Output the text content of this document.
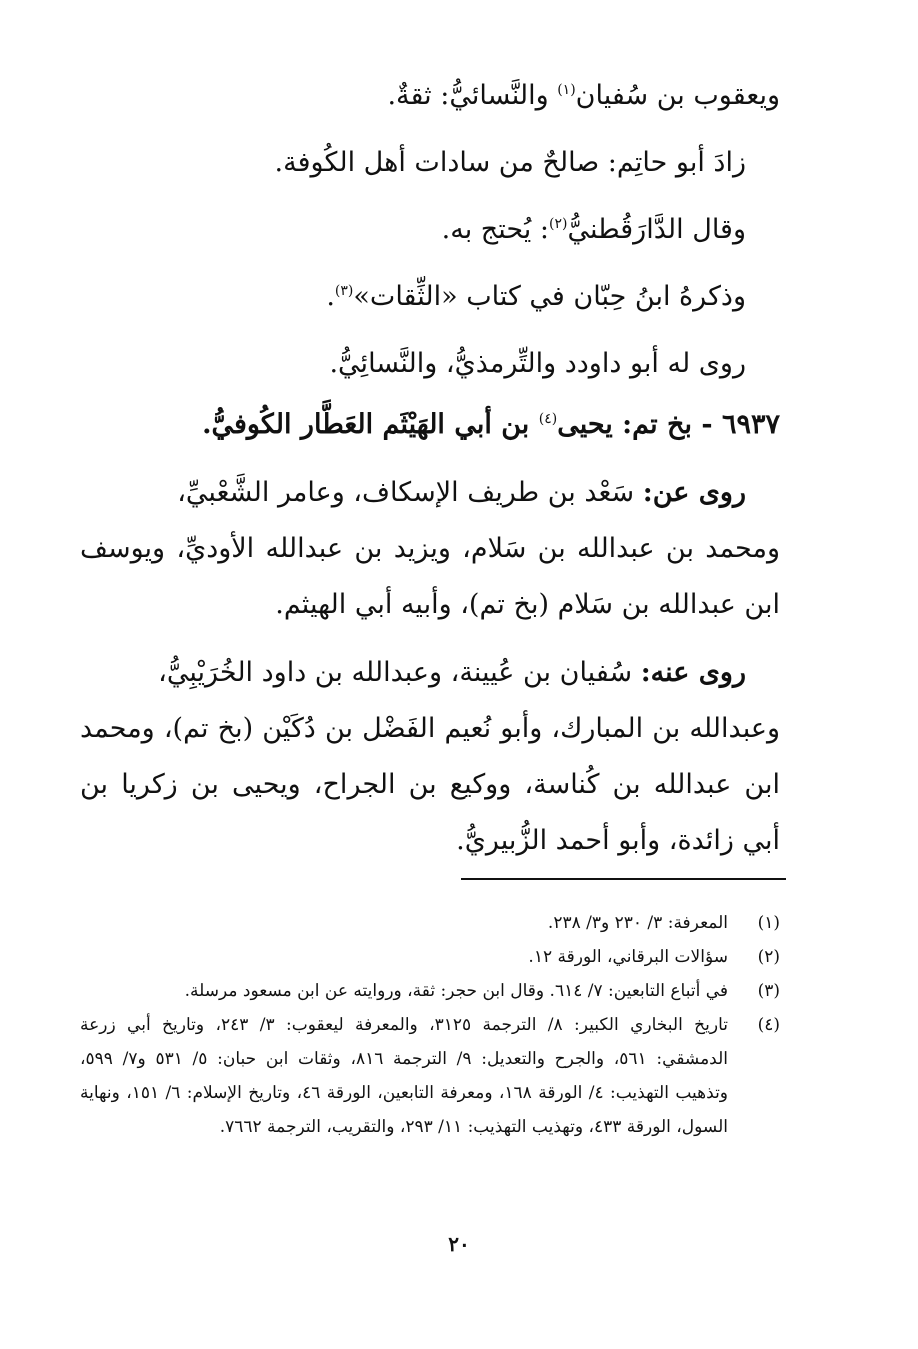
ويعقوب بن سُفيان$^{(١)}$ والنَّسائيُّ: ثقةٌ.
زادَ أبو حاتِم: صالحٌ من سادات أهل الكُوفة.
وقال الدَّارَقُطنيُّ$^{(٢)}$: يُحتج به.
وذكرهُ ابنُ حِبّان في كتاب «الثِّقات»$^{(٣)}$.
روى له أبو داودد والتِّرمذيُّ، والنَّسائِيُّ.
٦٩٣٧ - بخ تم: يحيى$^{(٤)}$ بن أبي الهَيْثَم العَطَّار الكُوفيُّ.
روى عن: سَعْد بن طريف الإسكاف، وعامر الشَّعْبيِّ،
ومحمد بن عبدالله بن سَلام، ويزيد بن عبدالله الأوديِّ، ويوسف
ابن عبدالله بن سَلام (بخ تم)، وأبيه أبي الهيثم.
روى عنه: سُفيان بن عُيينة، وعبدالله بن داود الخُرَيْبِيُّ،
وعبدالله بن المبارك، وأبو نُعيم الفَضْل بن دُكَيْن (بخ تم)، ومحمد
ابن عبدالله بن كُناسة، ووكيع بن الجراح، ويحيى بن زكريا بن
أبي زائدة، وأبو أحمد الزُّبيريُّ.
(١)
المعرفة: ٣/ ٢٣٠ و٣/ ٢٣٨.
(٢)
سؤالات البرقاني، الورقة ١٢.
(٣)
في أتباع التابعين: ٧/ ٦١٤. وقال ابن حجر: ثقة، وروايته عن ابن مسعود مرسلة.
(٤)
تاريخ البخاري الكبير: ٨/ الترجمة ٣١٢٥، والمعرفة ليعقوب: ٣/ ٢٤٣، وتاريخ أبي زرعة الدمشقي: ٥٦١، والجرح والتعديل: ٩/ الترجمة ٨١٦، وثقات ابن حبان: ٥/ ٥٣١ و٧/ ٥٩٩، وتذهيب التهذيب: ٤/ الورقة ١٦٨، ومعرفة التابعين، الورقة ٤٦، وتاريخ الإسلام: ٦/ ١٥١، ونهاية السول، الورقة ٤٣٣، وتهذيب التهذيب: ١١/ ٢٩٣، والتقريب، الترجمة ٧٦٦٢.
٢٠
